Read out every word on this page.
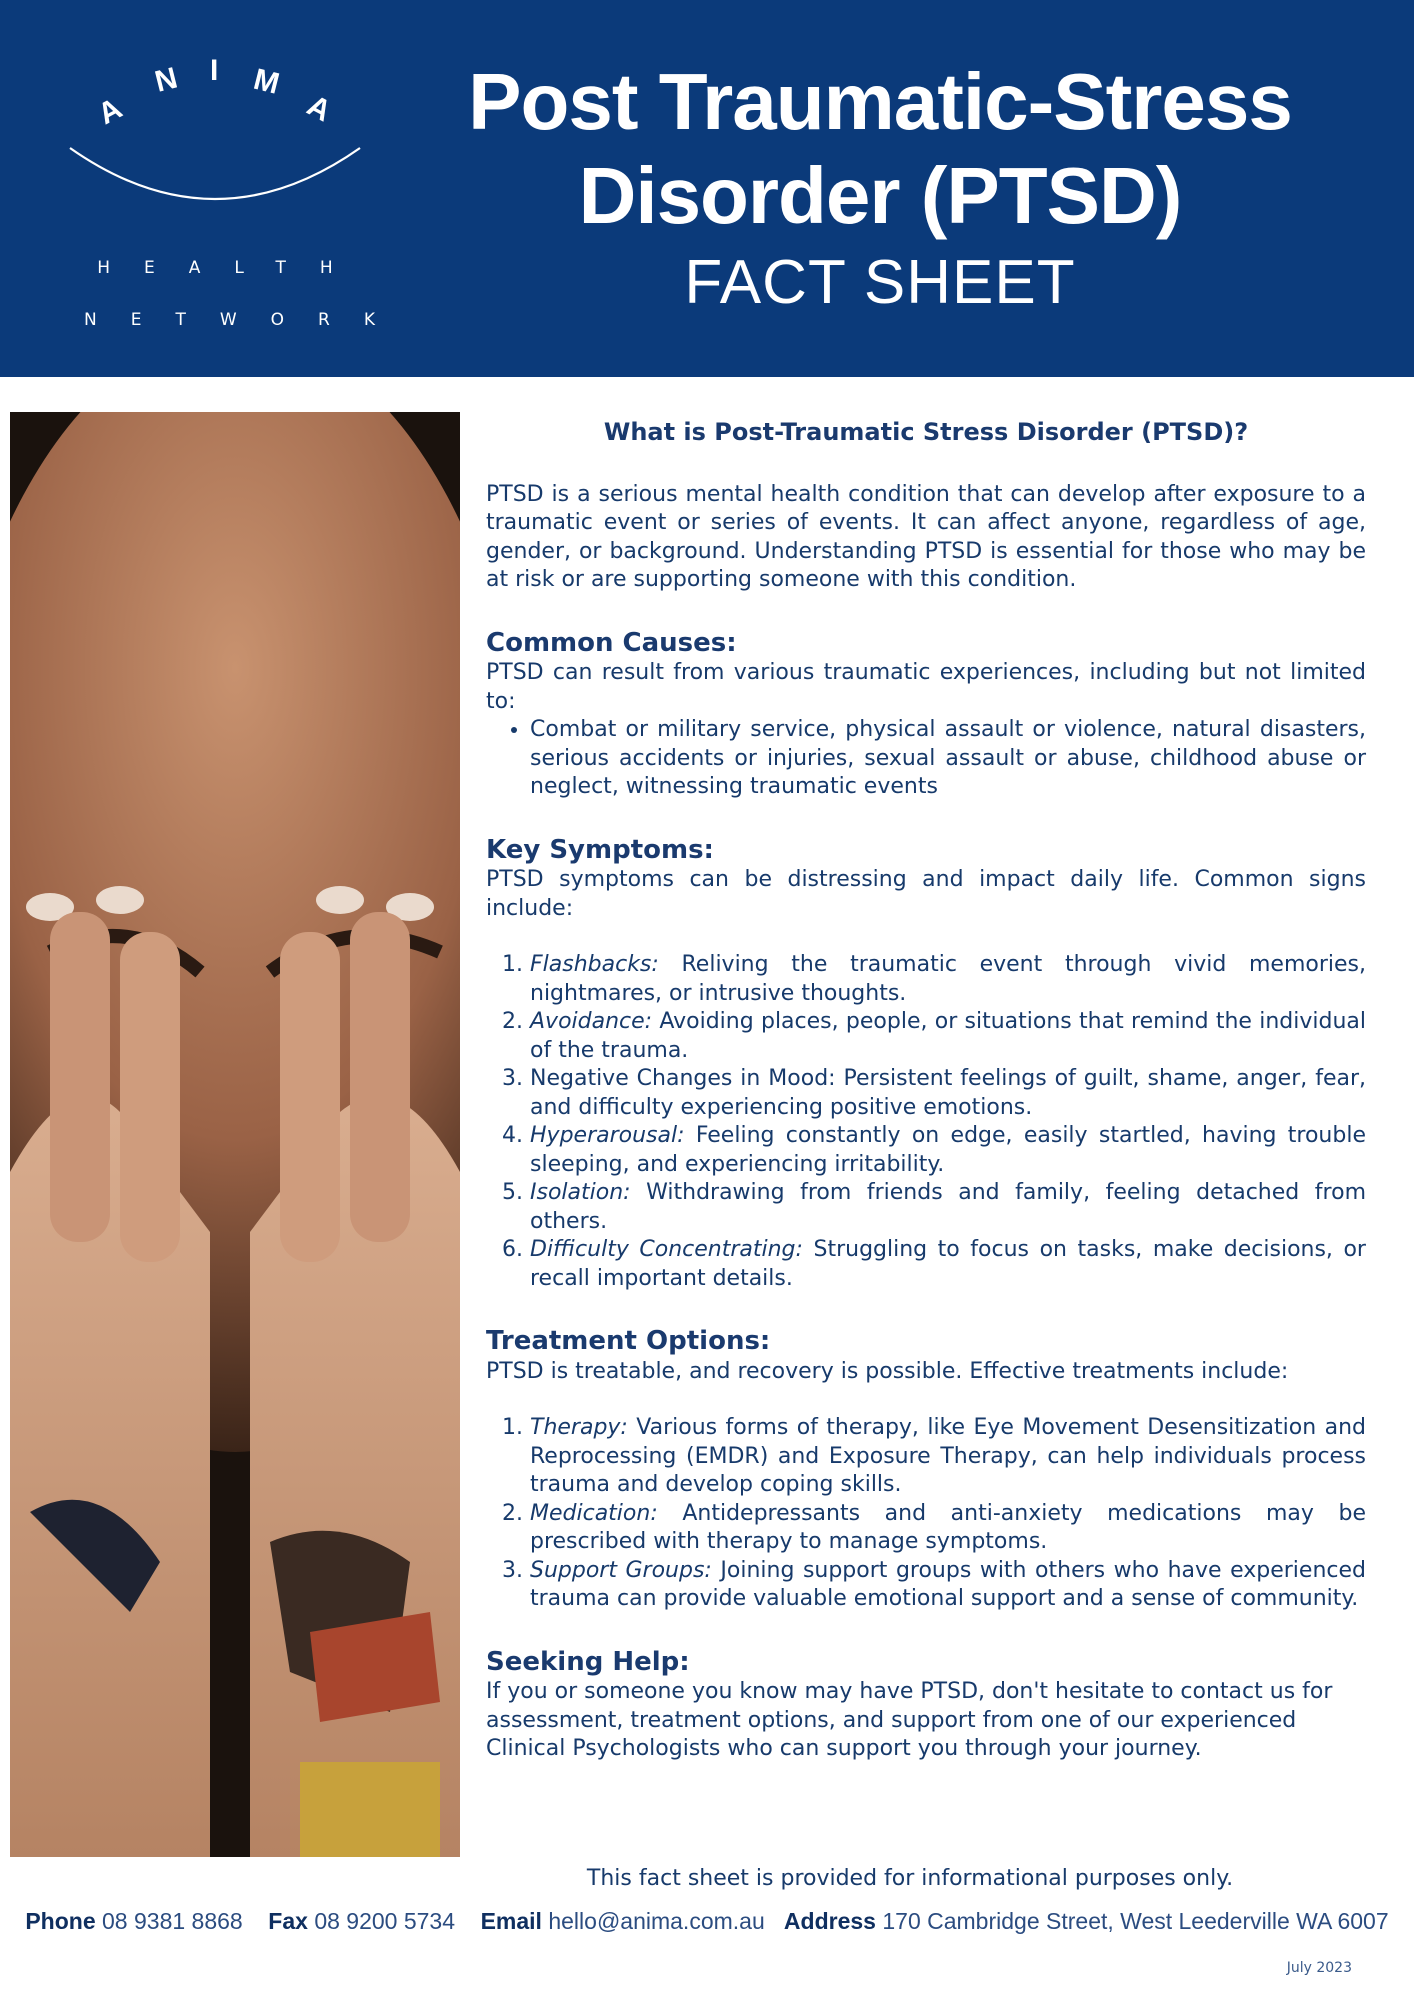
A
N I M
A
HEALTH
NETWORK
Post Traumatic-Stress
Disorder (PTSD)
FACT SHEET
What is Post-Traumatic Stress Disorder (PTSD)?

PTSD is a serious mental health condition that can develop after exposure to a traumatic event or series of events. It can affect anyone, regardless of age, gender, or background. Understanding PTSD is essential for those who may be at risk or are supporting someone with this condition.

Common Causes:

PTSD can result from various traumatic experiences, including but not limited to:

• Combat or military service, physical assault or violence, natural disasters, serious accidents or injuries, sexual assault or abuse, childhood abuse or neglect, witnessing traumatic events
Key Symptoms:

PTSD symptoms can be distressing and impact daily life. Common signs include:

1. Flashbacks: Reliving the traumatic event through vivid memories, nightmares, or intrusive thoughts.
2. Avoidance: Avoiding places, people, or situations that remind the individual of the trauma.
3. Negative Changes in Mood: Persistent feelings of guilt, shame, anger, fear, and difficulty experiencing positive emotions.
4. Hyperarousal: Feeling constantly on edge, easily startled, having trouble sleeping, and experiencing irritability.
5. Isolation: Withdrawing from friends and family, feeling detached from others.
6. Difficulty Concentrating: Struggling to focus on tasks, make decisions, or recall important details.
Treatment Options:

PTSD is treatable, and recovery is possible. Effective treatments include:

1. Therapy: Various forms of therapy, like Eye Movement Desensitization and Reprocessing (EMDR) and Exposure Therapy, can help individuals process trauma and develop coping skills.
2. Medication: Antidepressants and anti-anxiety medications may be prescribed with therapy to manage symptoms.
3. Support Groups: Joining support groups with others who have experienced trauma can provide valuable emotional support and a sense of community.
Seeking Help:

If you or someone you know may have PTSD, don't hesitate to contact us for assessment, treatment options, and support from one of our experienced Clinical Psychologists who can support you through your journey.

This fact sheet is provided for informational purposes only.
Phone 08 9381 8868 Fax 08 9200 5734 Email hello@anima.com.au Address 170 Cambridge Street, West Leederville WA 6007
July 2023
